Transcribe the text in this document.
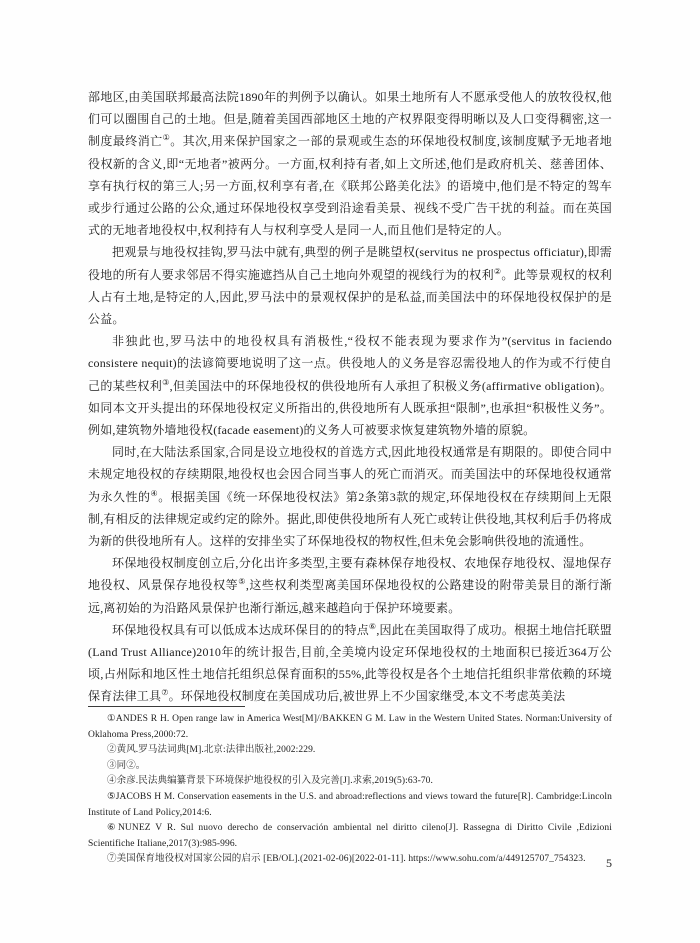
部地区,由美国联邦最高法院1890年的判例予以确认。如果土地所有人不愿承受他人的放牧役权,他们可以圈围自己的土地。但是,随着美国西部地区土地的产权界限变得明晰以及人口变得稠密,这一制度最终消亡①。其次,用来保护国家之一部的景观或生态的环保地役权制度,该制度赋予无地者地役权新的含义,即“无地者”被两分。一方面,权利持有者,如上文所述,他们是政府机关、慈善团体、享有执行权的第三人;另一方面,权利享有者,在《联邦公路美化法》的语境中,他们是不特定的驾车或步行通过公路的公众,通过环保地役权享受到沿途看美景、视线不受广告干扰的利益。而在英国式的无地者地役权中,权利持有人与权利享受人是同一人,而且他们是特定的人。

把观景与地役权挂钩,罗马法中就有,典型的例子是眺望权(servitus ne prospectus officiatur),即需役地的所有人要求邻居不得实施遮挡从自己土地向外观望的视线行为的权利②。此等景观权的权利人占有土地,是特定的人,因此,罗马法中的景观权保护的是私益,而美国法中的环保地役权保护的是公益。

非独此也,罗马法中的地役权具有消极性,“役权不能表现为要求作为”(servitus in faciendo consistere nequit)的法谚简要地说明了这一点。供役地人的义务是容忍需役地人的作为或不行使自己的某些权利③,但美国法中的环保地役权的供役地所有人承担了积极义务(affirmative obligation)。如同本文开头提出的环保地役权定义所指出的,供役地所有人既承担“限制”,也承担“积极性义务”。例如,建筑物外墙地役权(facade easement)的义务人可被要求恢复建筑物外墙的原貌。

同时,在大陆法系国家,合同是设立地役权的首选方式,因此地役权通常是有期限的。即使合同中未规定地役权的存续期限,地役权也会因合同当事人的死亡而消灭。而美国法中的环保地役权通常为永久性的④。根据美国《统一环保地役权法》第2条第3款的规定,环保地役权在存续期间上无限制,有相反的法律规定或约定的除外。据此,即使供役地所有人死亡或转让供役地,其权利后手仍将成为新的供役地所有人。这样的安排坐实了环保地役权的物权性,但未免会影响供役地的流通性。

环保地役权制度创立后,分化出许多类型,主要有森林保存地役权、农地保存地役权、湿地保存地役权、风景保存地役权等⑤,这些权利类型离美国环保地役权的公路建设的附带美景目的渐行渐远,离初始的为沿路风景保护也渐行渐远,越来越趋向于保护环境要素。

环保地役权具有可以低成本达成环保目的的特点⑥,因此在美国取得了成功。根据土地信托联盟(Land Trust Alliance)2010年的统计报告,目前,全美境内设定环保地役权的土地面积已接近364万公顷,占州际和地区性土地信托组织总保育面积的55%,此等役权是各个土地信托组织非常依赖的环境保育法律工具⑦。环保地役权制度在美国成功后,被世界上不少国家继受,本文不考虑英美法

①ANDES R H. Open range law in America West[M]//BAKKEN G M. Law in the Western United States. Norman:University of Oklahoma Press,2000:72.

②黄风.罗马法词典[M].北京:法律出版社,2002:229.

③同②。

④余彦.民法典编纂背景下环境保护地役权的引入及完善[J].求索,2019(5):63-70.

⑤JACOBS H M. Conservation easements in the U.S. and abroad:reflections and views toward the future[R]. Cambridge:Lincoln Institute of Land Policy,2014:6.

⑥NUNEZ V R. Sul nuovo derecho de conservación ambiental nel diritto cileno[J]. Rassegna di Diritto Civile ,Edizioni Scientifiche Italiane,2017(3):985-996.

⑦美国保育地役权对国家公园的启示 [EB/OL].(2021-02-06)[2022-01-11]. https://www.sohu.com/a/449125707_754323.	5
